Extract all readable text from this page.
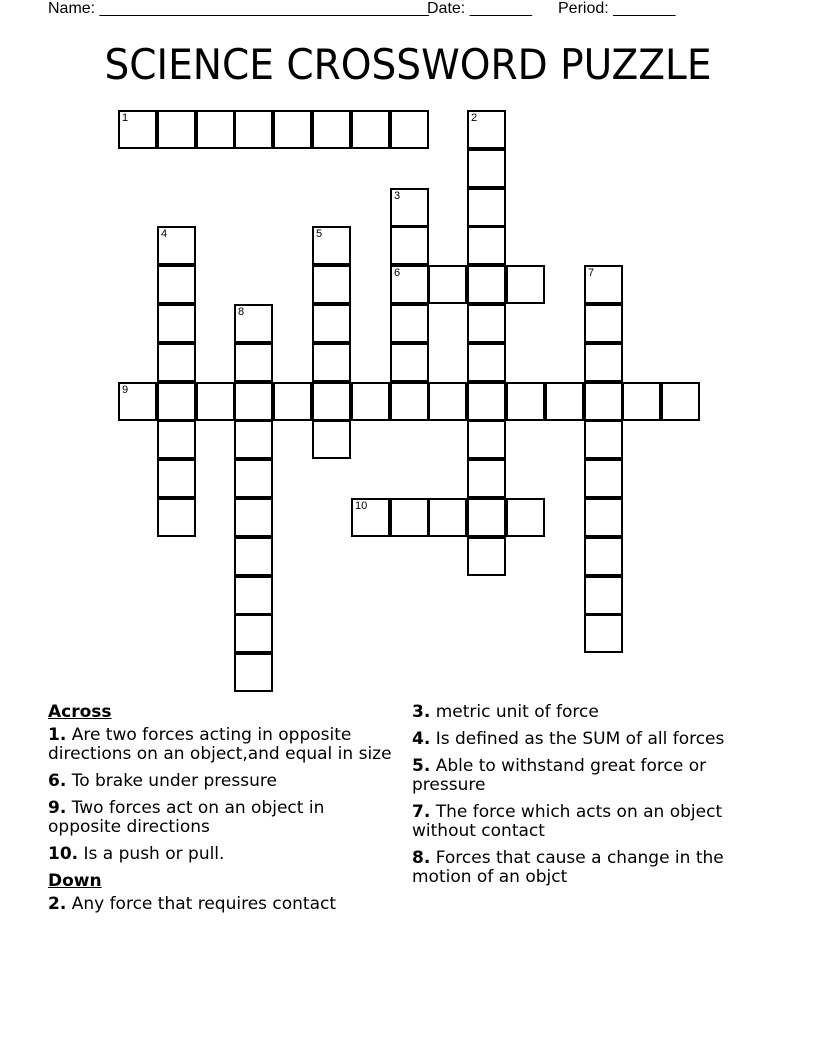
Name: _____________________________________

Date: _______

Period: _______

SCIENCE CROSSWORD PUZZLE
1	2
3
6
4	5
7
8
9
10
Across
1. Are two forces acting in opposite directions on an object,and equal in size
6. To brake under pressure
9. Two forces act on an object in opposite directions
10. Is a push or pull.
Down
2. Any force that requires contact
3. metric unit of force
4. Is defined as the SUM of all forces
5. Able to withstand great force or pressure
7. The force which acts on an object without contact
8. Forces that cause a change in the motion of an objct
